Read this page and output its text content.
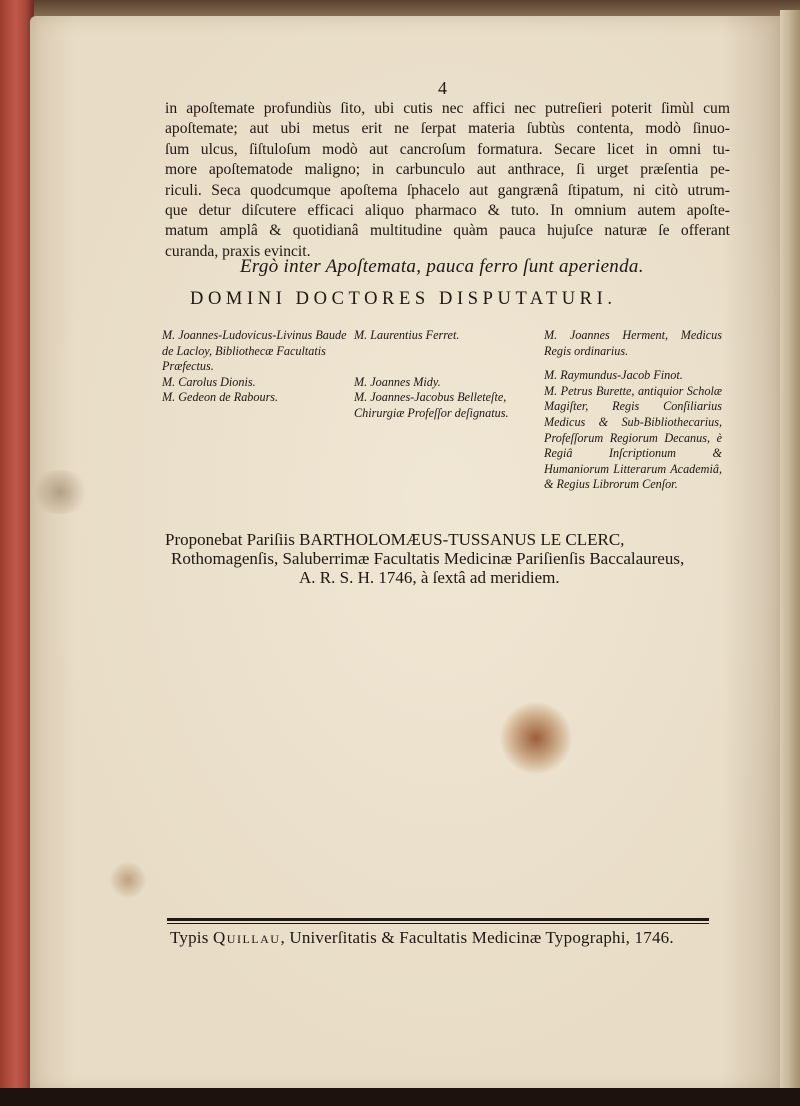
4
in apoſtemate profundiùs ſito, ubi cutis nec affici nec putreſieri poterit ſimùl cum
apoſtemate; aut ubi metus erit ne ſerpat materia ſubtùs contenta, modò ſinuo-
ſum ulcus, ſiſtuloſum modò aut cancroſum formatura. Secare licet in omni tu-
more apoſtematode maligno; in carbunculo aut anthrace, ſi urget præſentia pe-
riculi. Seca quodcumque apoſtema ſphacelo aut gangrænâ ſtipatum, ni citò utrum-
que detur diſcutere efficaci aliquo pharmaco & tuto. In omnium autem apoſte-
matum amplâ & quotidianâ multitudine quàm pauca hujuſce naturæ ſe offerant
curanda, praxis evincit.
Ergò inter Apoſtemata, pauca ferro ſunt aperienda.
DOMINI DOCTORES DISPUTATURI.
M. Joannes-Ludovicus-Livinus Baude de Lacloy, Bibliothecæ Facultatis Præfectus.
M. Carolus Dionis.
M. Gedeon de Rabours.
M. Laurentius Ferret.
M. Joannes Midy.
M. Joannes-Jacobus Belleteſte, Chirurgiæ Profeſſor deſignatus.
M. Joannes Herment, Medicus Regis ordinarius.
M. Raymundus-Jacob Finot.
M. Petrus Burette, antiquior Scholæ Magiſter, Regis Conſiliarius Medicus & Sub-Bibliothecarius, Profeſſorum Regiorum Decanus, è Regiâ Inſcriptionum & Humaniorum Litterarum Academiâ, & Regius Librorum Cenſor.
Proponebat Pariſiis BARTHOLOMÆUS-TUSSANUS LE CLERC,
Rothomagenſis, Saluberrimæ Facultatis Medicinæ Pariſienſis Baccalaureus,
A. R. S. H. 1746, à ſextâ ad meridiem.
Typis Quillau, Univerſitatis & Facultatis Medicinæ Typographi, 1746.
